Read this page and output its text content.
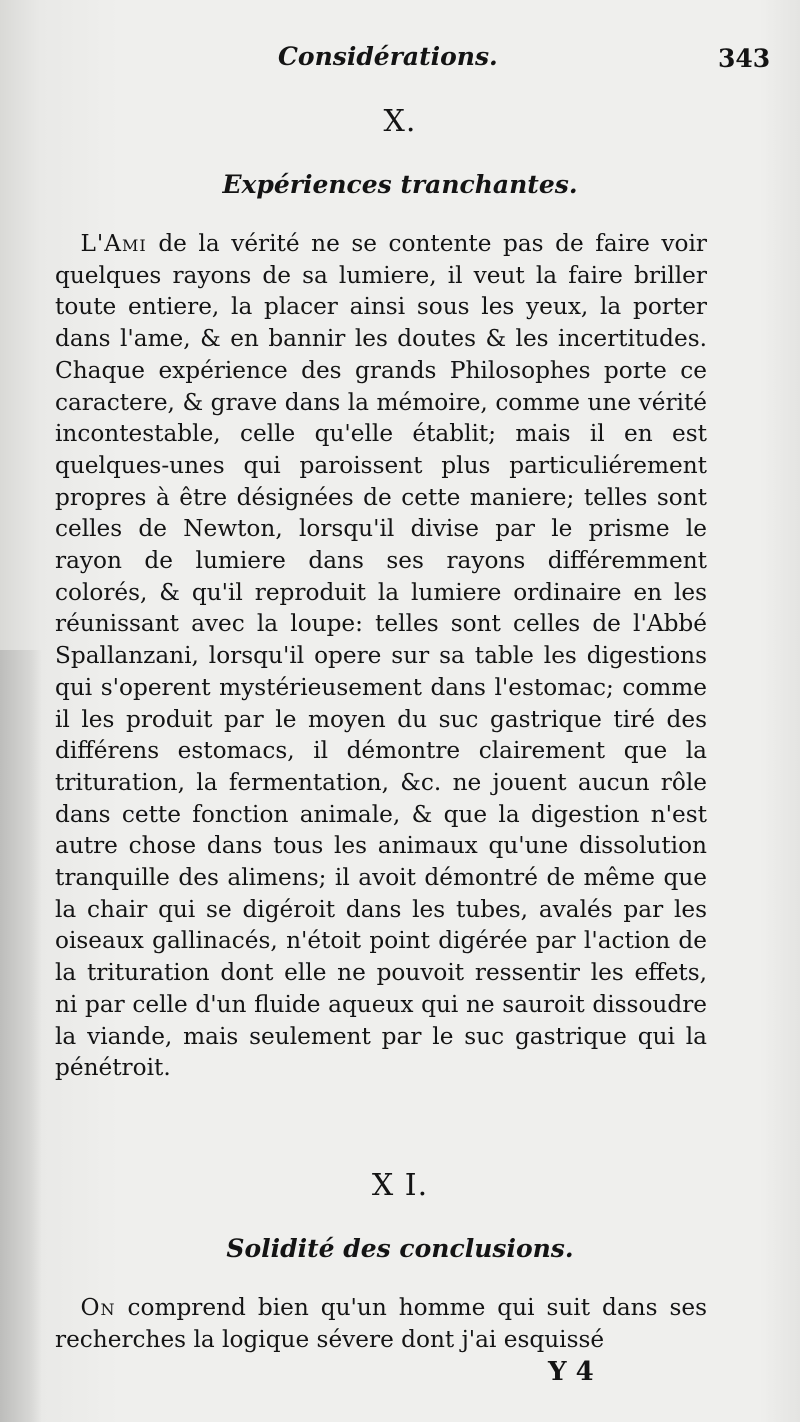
Considérations.	343
X.
Expériences tranchantes.

L'Ami de la vérité ne se contente pas de faire voir quelques rayons de sa lumiere, il veut la faire briller toute entiere, la placer ainsi sous les yeux, la porter dans l'ame, & en bannir les doutes & les incertitudes. Chaque expérience des grands Philosophes porte ce caractere, & grave dans la mémoire, comme une vérité incontestable, celle qu'elle établit; mais il en est quelques-unes qui paroissent plus particuliérement propres à être désignées de cette maniere; telles sont celles de Newton, lorsqu'il divise par le prisme le rayon de lumiere dans ses rayons différemment colorés, & qu'il reproduit la lumiere ordinaire en les réunissant avec la loupe: telles sont celles de l'Abbé Spallanzani, lorsqu'il opere sur sa table les digestions qui s'operent mystérieusement dans l'estomac; comme il les produit par le moyen du suc gastrique tiré des différens estomacs, il démontre clairement que la trituration, la fermentation, &c. ne jouent aucun rôle dans cette fonction animale, & que la digestion n'est autre chose dans tous les animaux qu'une dissolution tranquille des alimens; il avoit démontré de même que la chair qui se digéroit dans les tubes, avalés par les oiseaux gallinacés, n'étoit point digérée par l'action de la trituration dont elle ne pouvoit ressentir les effets, ni par celle d'un fluide aqueux qui ne sauroit dissoudre la viande, mais seulement par le suc gastrique qui la pénétroit.

X I.
Solidité des conclusions.

On comprend bien qu'un homme qui suit dans ses recherches la logique sévere dont j'ai esquissé

Y 4
